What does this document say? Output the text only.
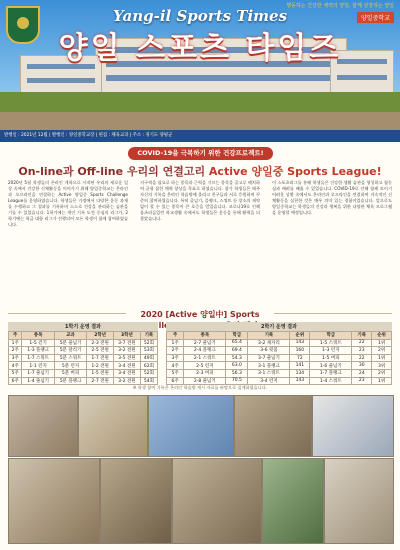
행동하는 건강한 체력의 양일, 함께 성장하는 양일
양일중학교
Yang-il Sports Times
양일 스포츠 타임즈
발행일 : 2021년 12월 | 발행인 : 양일중학교장 | 편집 : 체육교과 | 주소 : 경기도 양평군
COVID-19을 극복하기 위한 건강프로젝트!
On-line과 Off-line 우리의 연결고리 Active 양일중 Sports League!
2020년 5월 학생들의 온라인 개학으로 시작된 우리의 새로운 일상 속에서 건강한 신체활동을 이어가기 위해 양일중학교는 온라인과 오프라인을 연결하는 Active 양일중 Sports Challenge League를 운영하였습니다. 학생들은 가정에서 다양한 운동 과제를 수행하고 그 결과를 기록하며 스스로 건강을 관리하는 습관을 기를 수 있었습니다. 1학기에는 개인 기록 도전 중심의 리그가, 2학기에는 학급 대항 리그가 진행되어 모든 학생이 함께 참여하였습니다.
지구력을 필요로 하는 종목과 근력을 기르는 종목을 골고루 배치하여 균형 잡힌 체력 향상을 목표로 하였습니다. 참가 학생들은 매주 자신의 기록을 온라인 학습방에 올리고 친구들과 서로 응원하며 꾸준히 참여하였습니다. 특히 줄넘기, 플랭크, 스쿼트 등 장소의 제약 없이 할 수 있는 종목이 큰 호응을 얻었습니다. 코로나19로 인해 움츠러들었던 학교생활 속에서도 학생들은 운동을 통해 활력을 되찾았습니다.
이 스포츠리그를 통해 학생들은 건강한 생활 습관을 형성하고 협동심과 배려를 배울 수 있었습니다. COVID-19로 인해 함께 모이기 어려운 상황 속에서도 온라인과 오프라인을 연결하여 지속적인 신체활동을 실천한 것은 매우 의미 있는 경험이었습니다. 앞으로도 양일중학교는 학생들의 건강과 행복을 위한 다양한 체육 프로그램을 운영할 예정입니다.
2020 [Active 양일中] Sports Challenge
1학기 운영 결과
주	종목	교과	2학년	3학년	기록
1주	1-5 걷기	5분 줄넘기	2-3 전원	3-7 전원	52회
2주	1-3 플랭크	5분 달리기	2-5 전원	3-2 전원	53회
3주	1-7 스쿼트	5분 스쿼트	1-7 전원	3-5 전원	49회
4주	1-1 런지	5분 런지	1-2 전원	3-4 전원	62회
5주	1-7 줄넘기	5분 버피	1-5 전원	3-4 전원	52회
6주	1-4 줄넘기	5분 플랭크	2-7 전원	3-2 전원	54회
2학기 운영 결과
주	종목	학급	기록	순위	학급	기록	순위
1주	2-7 줄넘기	65.4	3-2 제자리	143	1-5 스쿼트	22	1위
2주	2-4 플랭크	69.4	3-6 윗몸	160	1-3 런지	23	2위
3주	2-1 스쿼트	54.3	3-7 줄넘기	72	1-5 버피	22	1위
4주	2-5 런지	63.0	3-1 플랭크	141	1-6 줄넘기	30	3위
5주	2-3 버피	56.3	3-1 스쿼트	134	1-7 플랭크	24	2위
6주	2-8 줄넘기	70.5	3-4 런지	143	1-4 스쿼트	23	1위
※ 학생 참여 기록은 온라인 학습방 게시 자료를 바탕으로 집계하였습니다.
